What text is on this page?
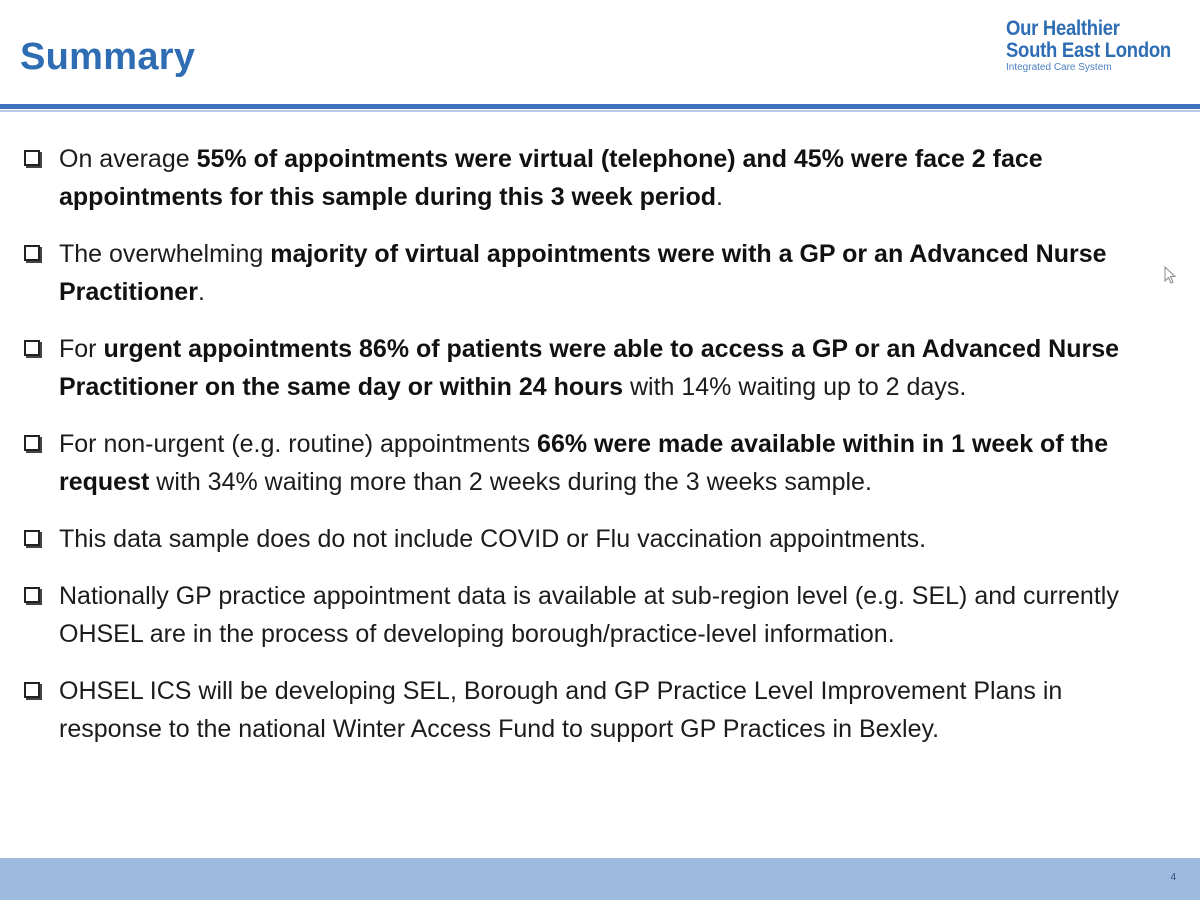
Summary
Our Healthier
South East London
Integrated Care System
On average 55% of appointments were virtual (telephone) and 45% were face 2 face appointments for this sample during this 3 week period.
The overwhelming majority of virtual appointments were with a GP or an Advanced Nurse Practitioner.
For urgent appointments 86% of patients were able to access a GP or an Advanced Nurse Practitioner on the same day or within 24 hours with 14% waiting up to 2 days.
For non-urgent (e.g. routine) appointments 66% were made available within in 1 week of the request with 34% waiting more than 2 weeks during the 3 weeks sample.
This data sample does do not include COVID or Flu vaccination appointments.
Nationally GP practice appointment data is available at sub-region level (e.g. SEL) and currently OHSEL are in the process of developing borough/practice-level information.
OHSEL ICS will be developing SEL, Borough and GP Practice Level Improvement Plans in response to the national Winter Access Fund to support GP Practices in Bexley.
4
